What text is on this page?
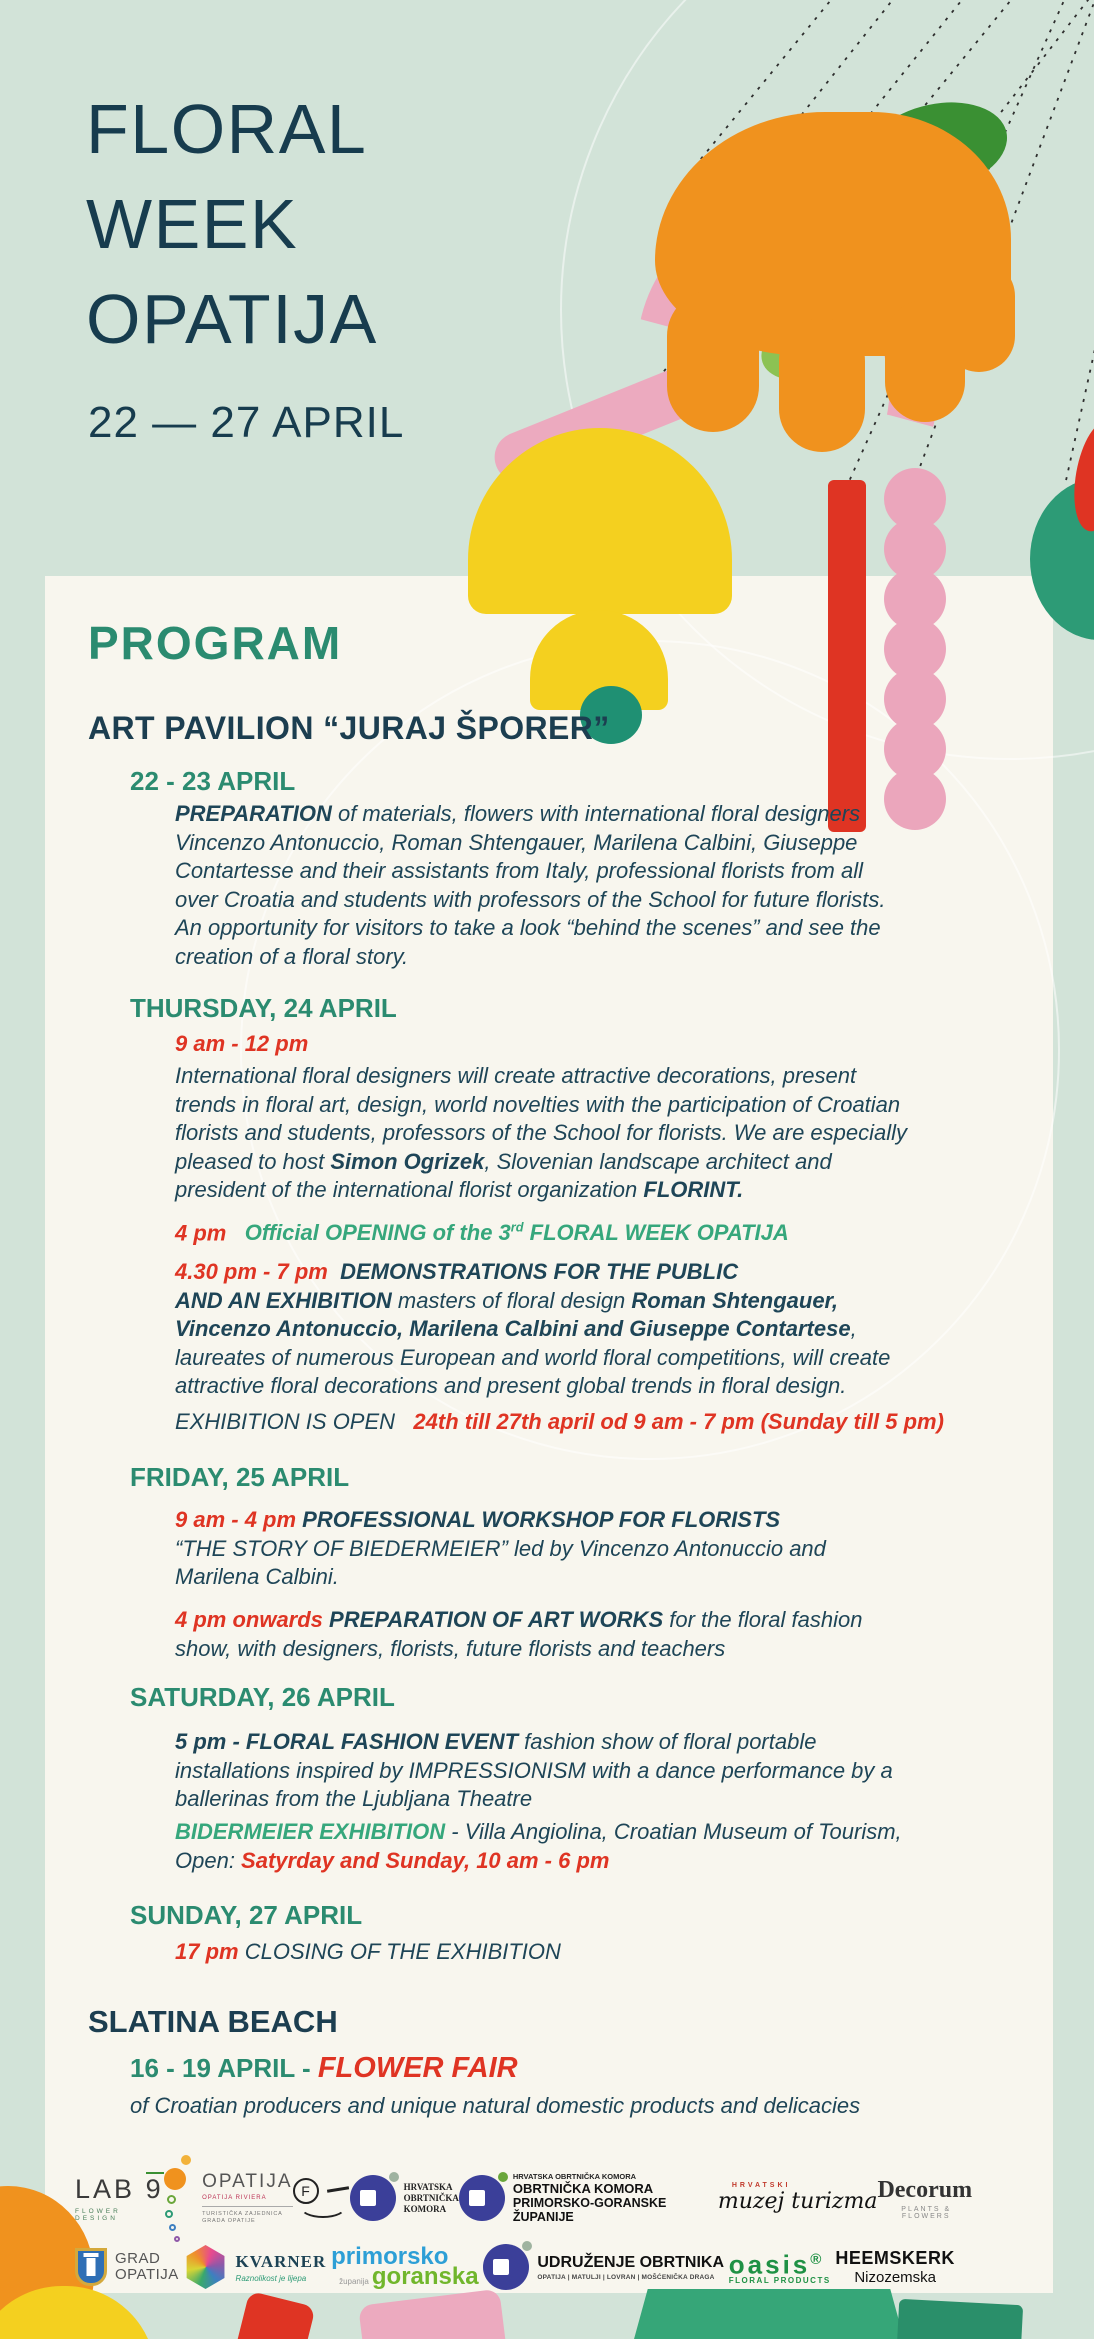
FLORAL
WEEK
OPATIJA
22 — 27 APRIL
PROGRAM
ART PAVILION “JURAJ ŠPORER”
22 - 23 APRIL

PREPARATION of materials, flowers with international floral designers Vincenzo Antonuccio, Roman Shtengauer, Marilena Calbini, Giuseppe Contartesse and their assistants from Italy, professional florists from all over Croatia and students with professors of the School for future florists. An opportunity for visitors to take a look “behind the scenes” and see the creation of a floral story.

THURSDAY, 24 APRIL
9 am - 12 pm

International floral designers will create attractive decorations, present trends in floral art, design, world novelties with the participation of Croatian florists and students, professors of the School for florists. We are especially pleased to host Simon Ogrizek, Slovenian landscape architect and president of the international florist organization FLORINT.

4 pm Official OPENING of the 3rd FLORAL WEEK OPATIJA

4.30 pm - 7 pm DEMONSTRATIONS FOR THE PUBLIC
AND AN EXHIBITION masters of floral design Roman Shtengauer, Vincenzo Antonuccio, Marilena Calbini and Giuseppe Contartese, laureates of numerous European and world floral competitions, will create attractive floral decorations and present global trends in floral design.

EXHIBITION IS OPEN 24th till 27th april od 9 am - 7 pm (Sunday till 5 pm)

FRIDAY, 25 APRIL

9 am - 4 pm PROFESSIONAL WORKSHOP FOR FLORISTS
“THE STORY OF BIEDERMEIER” led by Vincenzo Antonuccio and Marilena Calbini.

4 pm onwards PREPARATION OF ART WORKS for the floral fashion show, with designers, florists, future florists and teachers

SATURDAY, 26 APRIL

5 pm - FLORAL FASHION EVENT fashion show of floral portable installations inspired by IMPRESSIONISM with a dance performance by a ballerinas from the Ljubljana Theatre

BIDERMEIER EXHIBITION - Villa Angiolina, Croatian Museum of Tourism,
Open: Satyrday and Sunday, 10 am - 6 pm

SUNDAY, 27 APRIL

17 pm CLOSING OF THE EXHIBITION

SLATINA BEACH

16 - 19 APRIL - FLOWER FAIR

of Croatian producers and unique natural domestic products and delicacies

LAB 9
FLOWER DESIGN
OPATIJA
OPATIJA RIVIERA
TURISTIČKA ZAJEDNICA
GRADA OPATIJE
F	HRVATSKA
OBRTNIČKA
KOMORA
HRVATSKA OBRTNIČKA KOMORA
OBRTNIČKA KOMORA
PRIMORSKO-GORANSKE ŽUPANIJE
HRVATSKI
muzej turizma Decorum
PLANTS & FLOWERS
GRAD
OPATIJA
KVARNER
Raznolikost je lijepa
primorsko
županija goranska
UDRUŽENJE OBRTNIKA
OPATIJA | MATULJI | LOVRAN | MOŠĆENIČKA DRAGA oasis®
FLORAL PRODUCTS
HEEMSKERK
Nizozemska
